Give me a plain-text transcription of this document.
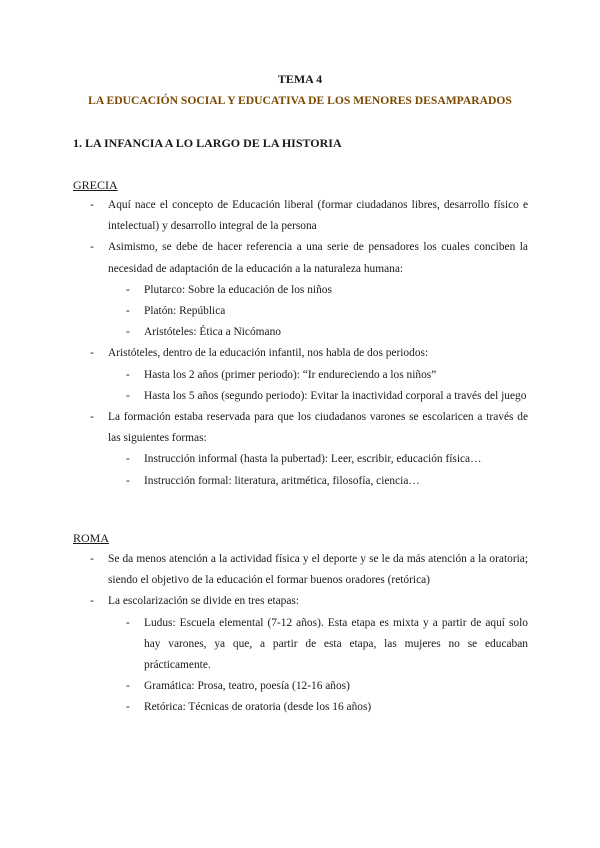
TEMA 4
LA EDUCACIÓN SOCIAL Y EDUCATIVA DE LOS MENORES DESAMPARADOS
1. LA INFANCIA A LO LARGO DE LA HISTORIA
GRECIA
- Aquí nace el concepto de Educación liberal (formar ciudadanos libres, desarrollo físico e intelectual) y desarrollo integral de la persona
- Asimismo, se debe de hacer referencia a una serie de pensadores los cuales conciben la necesidad de adaptación de la educación a la naturaleza humana:
- Plutarco: Sobre la educación de los niños
- Platón: República
- Aristóteles: Ética a Nicómano
- Aristóteles, dentro de la educación infantil, nos habla de dos periodos:
- Hasta los 2 años (primer periodo): “Ir endureciendo a los niños”
- Hasta los 5 años (segundo periodo): Evitar la inactividad corporal a través del juego
- La formación estaba reservada para que los ciudadanos varones se escolaricen a través de las siguientes formas:
- Instrucción informal (hasta la pubertad): Leer, escribir, educación física…
- Instrucción formal: literatura, aritmética, filosofía, ciencia…
ROMA
- Se da menos atención a la actividad física y el deporte y se le da más atención a la oratoria; siendo el objetivo de la educación el formar buenos oradores (retórica)
- La escolarización se divide en tres etapas:
- Ludus: Escuela elemental (7-12 años). Esta etapa es mixta y a partir de aquí solo hay varones, ya que, a partir de esta etapa, las mujeres no se educaban prácticamente.
- Gramática: Prosa, teatro, poesía (12-16 años)
- Retórica: Técnicas de oratoria (desde los 16 años)
